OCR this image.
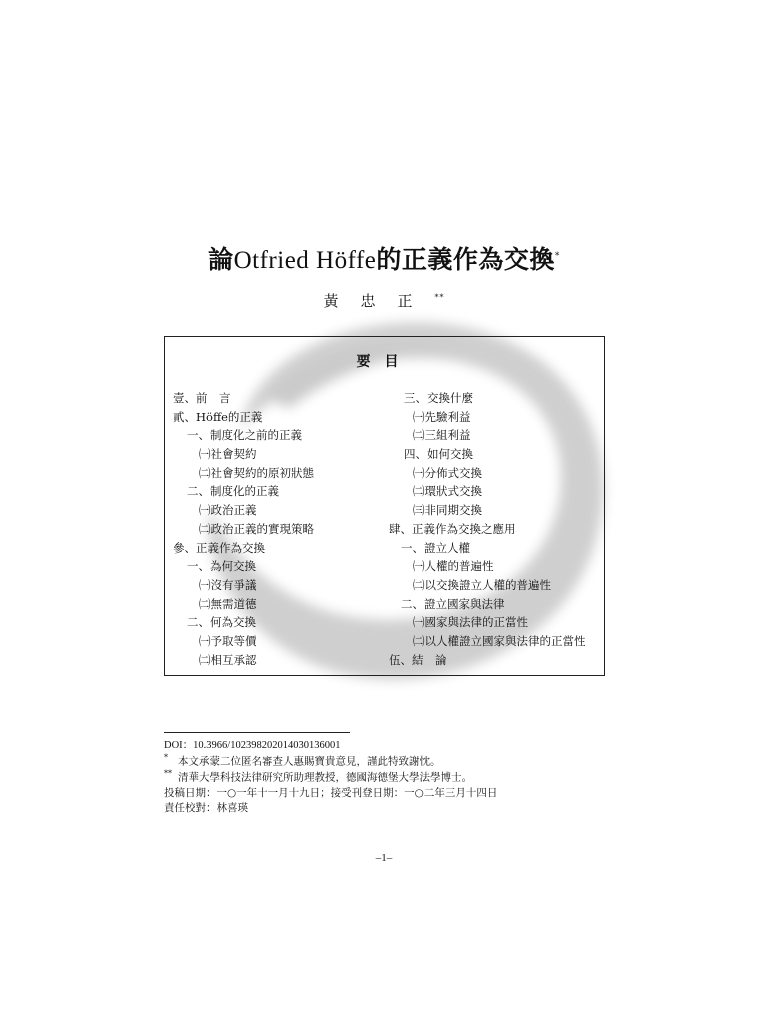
論Otfried Höffe的正義作為交換*
黃忠正**
要目
壹、前　言
貳、Höffe的正義
一、制度化之前的正義
㈠社會契約
㈡社會契約的原初狀態
二、制度化的正義
㈠政治正義
㈡政治正義的實現策略
參、正義作為交換
一、為何交換
㈠沒有爭議
㈡無需道德
二、何為交換
㈠予取等價
㈡相互承認
三、交換什麼
㈠先驗利益
㈡三組利益
四、如何交換
㈠分佈式交換
㈡環狀式交換
㈢非同期交換
肆、正義作為交換之應用
一、證立人權
㈠人權的普遍性
㈡以交換證立人權的普遍性
二、證立國家與法律
㈠國家與法律的正當性
㈡以人權證立國家與法律的正當性
伍、結　論
DOI：10.3966/102398202014030136001
* 本文承蒙二位匿名審查人惠賜寶貴意見，謹此特致謝忱。
** 清華大學科技法律研究所助理教授，德國海德堡大學法學博士。
投稿日期：一○一年十一月十九日；接受刊登日期：一○二年三月十四日
責任校對：林喜瑛
–1–
